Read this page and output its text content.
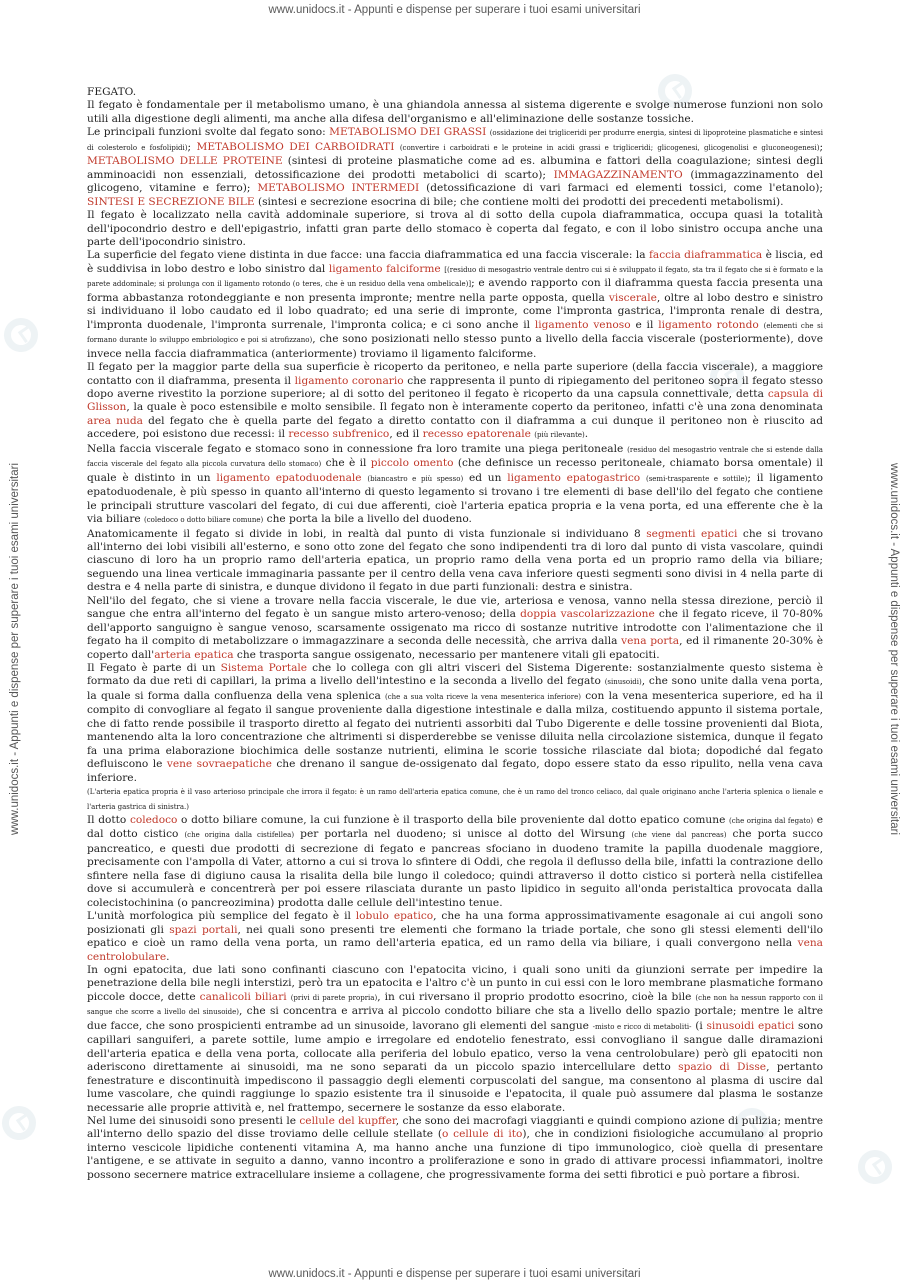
www.unidocs.it - Appunti e dispense per superare i tuoi esami universitari
www.unidocs.it - Appunti e dispense per superare i tuoi esami universitari
www.unidocs.it - Appunti e dispense per superare i tuoi esami universitari	www.unidocs.it - Appunti e dispense per superare i tuoi esami universitari

FEGATO.

Il fegato è fondamentale per il metabolismo umano, è una ghiandola annessa al sistema digerente e svolge numerose funzioni non solo utili alla digestione degli alimenti, ma anche alla difesa dell'organismo e all'eliminazione delle sostanze tossiche.

Le principali funzioni svolte dal fegato sono: METABOLISMO DEI GRASSI (ossidazione dei trigliceridi per produrre energia, sintesi di lipoproteine plasmatiche e sintesi di colesterolo e fosfolipidi); METABOLISMO DEI CARBOIDRATI (convertire i carboidrati e le proteine in acidi grassi e trigliceridi; glicogenesi, glicogenolisi e gluconeogenesi); METABOLISMO DELLE PROTEINE (sintesi di proteine plasmatiche come ad es. albumina e fattori della coagulazione; sintesi degli amminoacidi non essenziali, detossificazione dei prodotti metabolici di scarto); IMMAGAZZINAMENTO (immagazzinamento del glicogeno, vitamine e ferro); METABOLISMO INTERMEDI (detossificazione di vari farmaci ed elementi tossici, come l'etanolo); SINTESI E SECREZIONE BILE (sintesi e secrezione esocrina di bile; che contiene molti dei prodotti dei precedenti metabolismi).

Il fegato è localizzato nella cavità addominale superiore, si trova al di sotto della cupola diaframmatica, occupa quasi la totalità dell'ipocondrio destro e dell'epigastrio, infatti gran parte dello stomaco è coperta dal fegato, e con il lobo sinistro occupa anche una parte dell'ipocondrio sinistro.

La superficie del fegato viene distinta in due facce: una faccia diaframmatica ed una faccia viscerale: la faccia diaframmatica è liscia, ed è suddivisa in lobo destro e lobo sinistro dal ligamento falciforme [(residuo di mesogastrio ventrale dentro cui si è sviluppato il fegato, sta tra il fegato che si è formato e la parete addominale; si prolunga con il ligamento rotondo (o teres, che è un residuo della vena ombelicale)]; e avendo rapporto con il diaframma questa faccia presenta una forma abbastanza rotondeggiante e non presenta impronte; mentre nella parte opposta, quella viscerale, oltre al lobo destro e sinistro si individuano il lobo caudato ed il lobo quadrato; ed una serie di impronte, come l'impronta gastrica, l'impronta renale di destra, l'impronta duodenale, l'impronta surrenale, l'impronta colica; e ci sono anche il ligamento venoso e il ligamento rotondo (elementi che si formano durante lo sviluppo embriologico e poi si atrofizzano), che sono posizionati nello stesso punto a livello della faccia viscerale (posteriormente), dove invece nella faccia diaframmatica (anteriormente) troviamo il ligamento falciforme.

Il fegato per la maggior parte della sua superficie è ricoperto da peritoneo, e nella parte superiore (della faccia viscerale), a maggiore contatto con il diaframma, presenta il ligamento coronario che rappresenta il punto di ripiegamento del peritoneo sopra il fegato stesso dopo averne rivestito la porzione superiore; al di sotto del peritoneo il fegato è ricoperto da una capsula connettivale, detta capsula di Glisson, la quale è poco estensibile e molto sensibile. Il fegato non è interamente coperto da peritoneo, infatti c'è una zona denominata area nuda del fegato che è quella parte del fegato a diretto contatto con il diaframma a cui dunque il peritoneo non è riuscito ad accedere, poi esistono due recessi: il recesso subfrenico, ed il recesso epatorenale (più rilevante).

Nella faccia viscerale fegato e stomaco sono in connessione fra loro tramite una piega peritoneale (residuo del mesogastrio ventrale che si estende dalla faccia viscerale del fegato alla piccola curvatura dello stomaco) che è il piccolo omento (che definisce un recesso peritoneale, chiamato borsa omentale) il quale è distinto in un ligamento epatoduodenale (biancastro e più spesso) ed un ligamento epatogastrico (semi-trasparente e sottile); il ligamento epatoduodenale, è più spesso in quanto all'interno di questo legamento si trovano i tre elementi di base dell'ilo del fegato che contiene le principali strutture vascolari del fegato, di cui due afferenti, cioè l'arteria epatica propria e la vena porta, ed una efferente che è la via biliare (coledoco o dotto biliare comune) che porta la bile a livello del duodeno.

Anatomicamente il fegato si divide in lobi, in realtà dal punto di vista funzionale si individuano 8 segmenti epatici che si trovano all'interno dei lobi visibili all'esterno, e sono otto zone del fegato che sono indipendenti tra di loro dal punto di vista vascolare, quindi ciascuno di loro ha un proprio ramo dell'arteria epatica, un proprio ramo della vena porta ed un proprio ramo della via biliare; seguendo una linea verticale immaginaria passante per il centro della vena cava inferiore questi segmenti sono divisi in 4 nella parte di destra e 4 nella parte di sinistra, e dunque dividono il fegato in due parti funzionali: destra e sinistra.

Nell'ilo del fegato, che si viene a trovare nella faccia viscerale, le due vie, arteriosa e venosa, vanno nella stessa direzione, perciò il sangue che entra all'interno del fegato è un sangue misto artero-venoso; della doppia vascolarizzazione che il fegato riceve, il 70-80% dell'apporto sanguigno è sangue venoso, scarsamente ossigenato ma ricco di sostanze nutritive introdotte con l'alimentazione che il fegato ha il compito di metabolizzare o immagazzinare a seconda delle necessità, che arriva dalla vena porta, ed il rimanente 20-30% è coperto dall'arteria epatica che trasporta sangue ossigenato, necessario per mantenere vitali gli epatociti.

Il Fegato è parte di un Sistema Portale che lo collega con gli altri visceri del Sistema Digerente: sostanzialmente questo sistema è formato da due reti di capillari, la prima a livello dell'intestino e la seconda a livello del fegato (sinusoidi), che sono unite dalla vena porta, la quale si forma dalla confluenza della vena splenica (che a sua volta riceve la vena mesenterica inferiore) con la vena mesenterica superiore, ed ha il compito di convogliare al fegato il sangue proveniente dalla digestione intestinale e dalla milza, costituendo appunto il sistema portale, che di fatto rende possibile il trasporto diretto al fegato dei nutrienti assorbiti dal Tubo Digerente e delle tossine provenienti dal Biota, mantenendo alta la loro concentrazione che altrimenti si disperderebbe se venisse diluita nella circolazione sistemica, dunque il fegato fa una prima elaborazione biochimica delle sostanze nutrienti, elimina le scorie tossiche rilasciate dal biota; dopodiché dal fegato defluiscono le vene sovraepatiche che drenano il sangue de-ossigenato dal fegato, dopo essere stato da esso ripulito, nella vena cava inferiore.

(L'arteria epatica propria è il vaso arterioso principale che irrora il fegato: è un ramo dell'arteria epatica comune, che è un ramo del tronco celiaco, dal quale originano anche l'arteria splenica o lienale e l'arteria gastrica di sinistra.)

Il dotto coledoco o dotto biliare comune, la cui funzione è il trasporto della bile proveniente dal dotto epatico comune (che origina dal fegato) e dal dotto cistico (che origina dalla cistifellea) per portarla nel duodeno; si unisce al dotto del Wirsung (che viene dal pancreas) che porta succo pancreatico, e questi due prodotti di secrezione di fegato e pancreas sfociano in duodeno tramite la papilla duodenale maggiore, precisamente con l'ampolla di Vater, attorno a cui si trova lo sfintere di Oddi, che regola il deflusso della bile, infatti la contrazione dello sfintere nella fase di digiuno causa la risalita della bile lungo il coledoco; quindi attraverso il dotto cistico si porterà nella cistifellea dove si accumulerà e concentrerà per poi essere rilasciata durante un pasto lipidico in seguito all'onda peristaltica provocata dalla colecistochinina (o pancreozimina) prodotta dalle cellule dell'intestino tenue.

L'unità morfologica più semplice del fegato è il lobulo epatico, che ha una forma approssimativamente esagonale ai cui angoli sono posizionati gli spazi portali, nei quali sono presenti tre elementi che formano la triade portale, che sono gli stessi elementi dell'ilo epatico e cioè un ramo della vena porta, un ramo dell'arteria epatica, ed un ramo della via biliare, i quali convergono nella vena centrolobulare.

In ogni epatocita, due lati sono confinanti ciascuno con l'epatocita vicino, i quali sono uniti da giunzioni serrate per impedire la penetrazione della bile negli interstizi, però tra un epatocita e l'altro c'è un punto in cui essi con le loro membrane plasmatiche formano piccole docce, dette canalicoli biliari (privi di parete propria), in cui riversano il proprio prodotto esocrino, cioè la bile (che non ha nessun rapporto con il sangue che scorre a livello del sinusoide), che si concentra e arriva al piccolo condotto biliare che sta a livello dello spazio portale; mentre le altre due facce, che sono prospicienti entrambe ad un sinusoide, lavorano gli elementi del sangue -misto e ricco di metaboliti- (i sinusoidi epatici sono capillari sanguiferi, a parete sottile, lume ampio e irregolare ed endotelio fenestrato, essi convogliano il sangue dalle diramazioni dell'arteria epatica e della vena porta, collocate alla periferia del lobulo epatico, verso la vena centrolobulare) però gli epatociti non aderiscono direttamente ai sinusoidi, ma ne sono separati da un piccolo spazio intercellulare detto spazio di Disse, pertanto fenestrature e discontinuità impediscono il passaggio degli elementi corpuscolati del sangue, ma consentono al plasma di uscire dal lume vascolare, che quindi raggiunge lo spazio esistente tra il sinusoide e l'epatocita, il quale può assumere dal plasma le sostanze necessarie alle proprie attività e, nel frattempo, secernere le sostanze da esso elaborate.

Nel lume dei sinusoidi sono presenti le cellule del kupffer, che sono dei macrofagi viaggianti e quindi compiono azione di pulizia; mentre all'interno dello spazio del disse troviamo delle cellule stellate (o cellule di ito), che in condizioni fisiologiche accumulano al proprio interno vescicole lipidiche contenenti vitamina A, ma hanno anche una funzione di tipo immunologico, cioè quella di presentare l'antigene, e se attivate in seguito a danno, vanno incontro a proliferazione e sono in grado di attivare processi infiammatori, inoltre possono secernere matrice extracellulare insieme a collagene, che progressivamente forma dei setti fibrotici e può portare a fibrosi.
